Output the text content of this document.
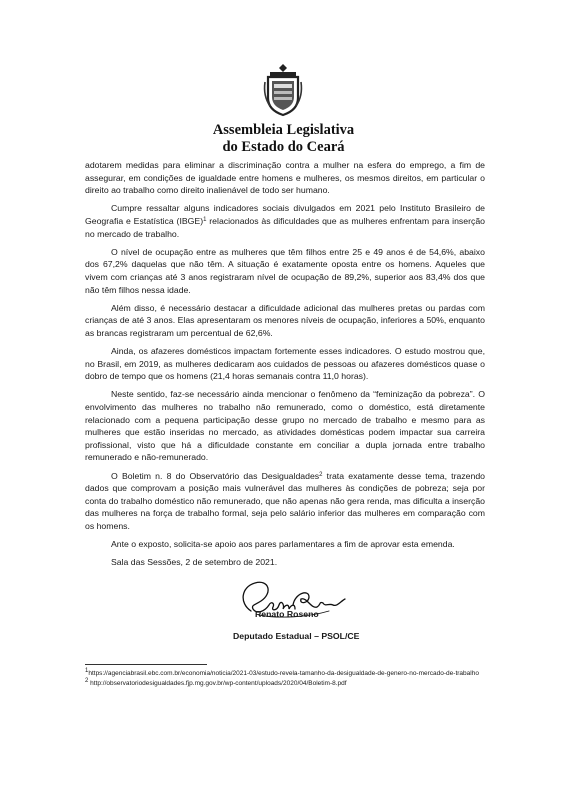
Assembleia Legislativa
do Estado do Ceará

adotarem medidas para eliminar a discriminação contra a mulher na esfera do emprego, a fim de assegurar, em condições de igualdade entre homens e mulheres, os mesmos direitos, em particular o direito ao trabalho como direito inalienável de todo ser humano.

Cumpre ressaltar alguns indicadores sociais divulgados em 2021 pelo Instituto Brasileiro de Geografia e Estatística (IBGE)$^1$ relacionados às dificuldades que as mulheres enfrentam para inserção no mercado de trabalho.

O nível de ocupação entre as mulheres que têm filhos entre 25 e 49 anos é de 54,6%, abaixo dos 67,2% daquelas que não têm. A situação é exatamente oposta entre os homens. Aqueles que vivem com crianças até 3 anos registraram nível de ocupação de 89,2%, superior aos 83,4% dos que não têm filhos nessa idade.

Além disso, é necessário destacar a dificuldade adicional das mulheres pretas ou pardas com crianças de até 3 anos. Elas apresentaram os menores níveis de ocupação, inferiores a 50%, enquanto as brancas registraram um percentual de 62,6%.

Ainda, os afazeres domésticos impactam fortemente esses indicadores. O estudo mostrou que, no Brasil, em 2019, as mulheres dedicaram aos cuidados de pessoas ou afazeres domésticos quase o dobro de tempo que os homens (21,4 horas semanais contra 11,0 horas).

Neste sentido, faz-se necessário ainda mencionar o fenômeno da “feminização da pobreza”. O envolvimento das mulheres no trabalho não remunerado, como o doméstico, está diretamente relacionado com a pequena participação desse grupo no mercado de trabalho e mesmo para as mulheres que estão inseridas no mercado, as atividades domésticas podem impactar sua carreira profissional, visto que há a dificuldade constante em conciliar a dupla jornada entre trabalho remunerado e não-remunerado.

O Boletim n. 8 do Observatório das Desigualdades$^2$ trata exatamente desse tema, trazendo dados que comprovam a posição mais vulnerável das mulheres às condições de pobreza; seja por conta do trabalho doméstico não remunerado, que não apenas não gera renda, mas dificulta a inserção das mulheres na força de trabalho formal, seja pelo salário inferior das mulheres em comparação com os homens.

Ante o exposto, solicita-se apoio aos pares parlamentares a fim de aprovar esta emenda.

Sala das Sessões, 2 de setembro de 2021.

Renato Roseno
Deputado Estadual – PSOL/CE
$^1$https://agenciabrasil.ebc.com.br/economia/noticia/2021-03/estudo-revela-tamanho-da-desigualdade-de-genero-no-mercado-de-trabalho
$^2$ http://observatoriodesigualdades.fjp.mg.gov.br/wp-content/uploads/2020/04/Boletim-8.pdf
